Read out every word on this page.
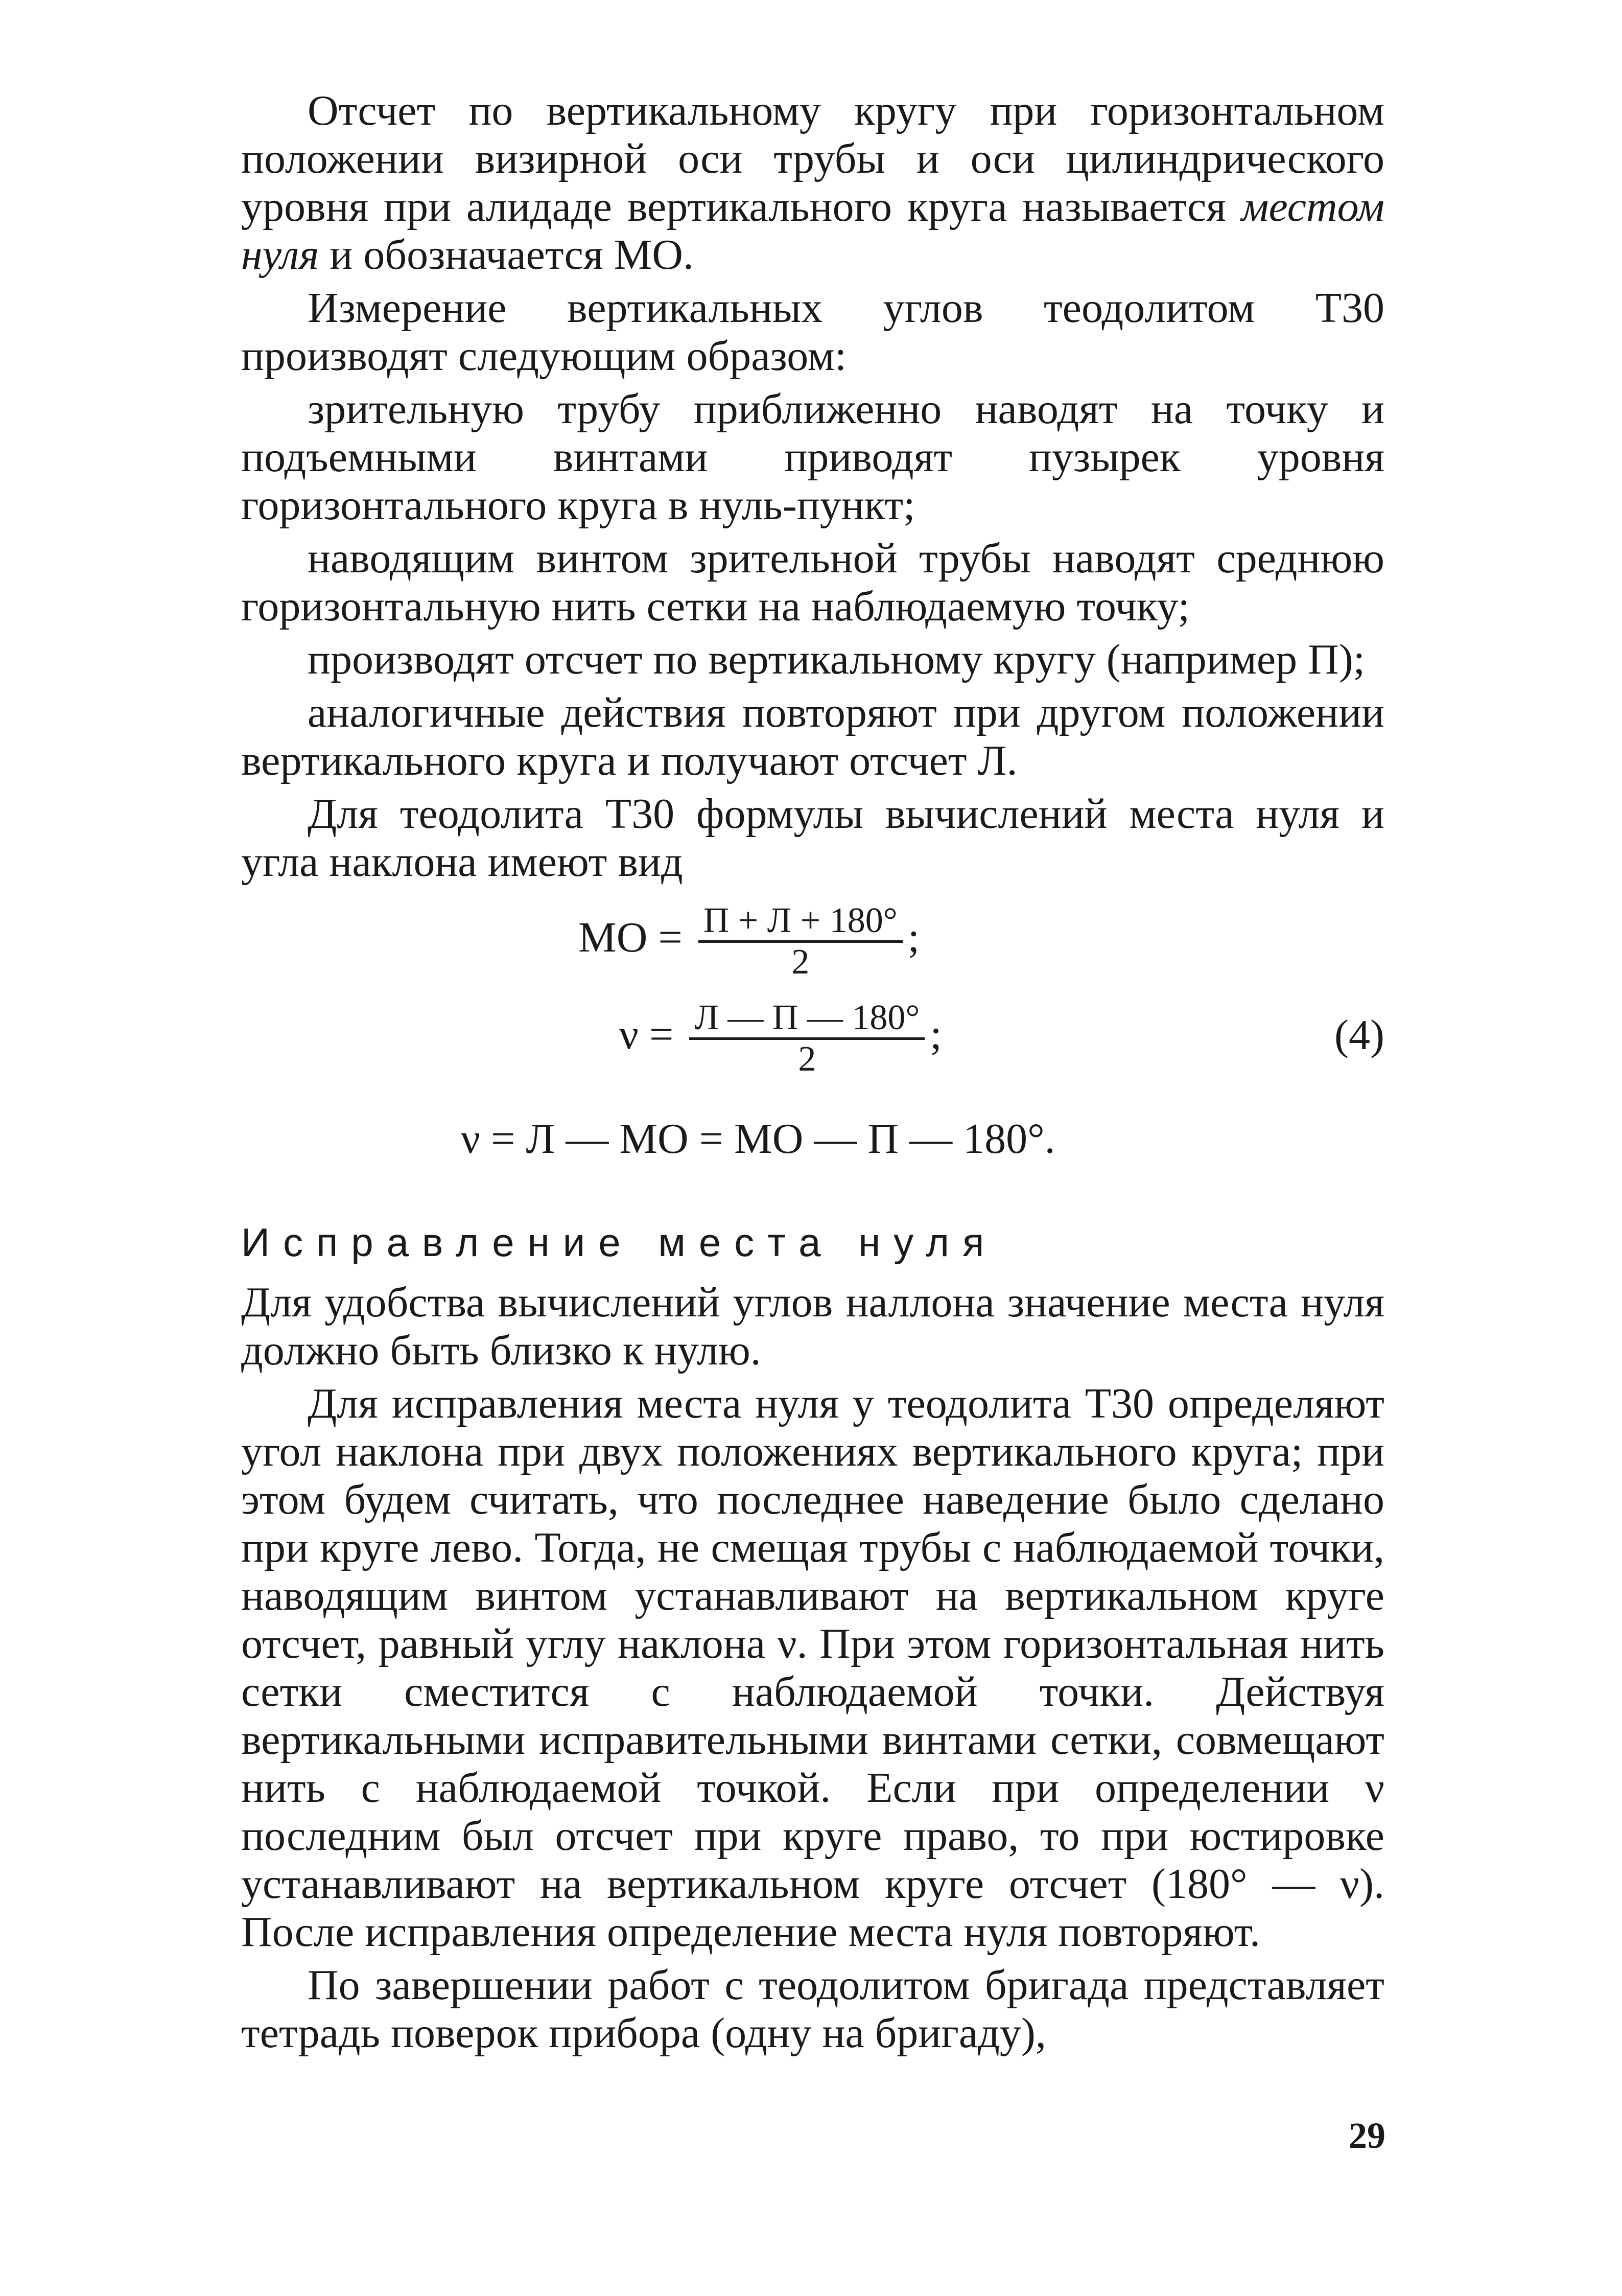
Отсчет по вертикальному кругу при горизонтальном положении визирной оси трубы и оси цилиндрического уровня при алидаде вертикального круга называется местом нуля и обозначается МО.

Измерение вертикальных углов теодолитом Т30 производят следующим образом:

зрительную трубу приближенно наводят на точку и подъемными винтами приводят пузырек уровня горизонтального круга в нуль-пункт;

наводящим винтом зрительной трубы наводят среднюю горизонтальную нить сетки на наблюдаемую точку;

производят отсчет по вертикальному кругу (например П);

аналогичные действия повторяют при другом положении вертикального круга и получают отсчет Л.

Для теодолита Т30 формулы вычислений места нуля и угла наклона имеют вид

МО = $\frac{П + Л + 180^\circ}{2}$ ;
$\nu = \frac{Л — П — 180^\circ}{2}$ ;	(4)
ν = Л — МО = МО — П — 180°.

Исправление места нуля

Для удобства вычислений углов наллона значение места нуля должно быть близко к нулю.

Для исправления места нуля у теодолита Т30 определяют угол наклона при двух положениях вертикального круга; при этом будем считать, что последнее наведение было сделано при круге лево. Тогда, не смещая трубы с наблюдаемой точки, наводящим винтом устанавливают на вертикальном круге отсчет, равный углу наклона ν. При этом горизонтальная нить сетки сместится с наблюдаемой точки. Действуя вертикальными исправительными винтами сетки, совмещают нить с наблюдаемой точкой. Если при определении ν последним был отсчет при круге право, то при юстировке устанавливают на вертикальном круге отсчет (180° — ν). После исправления определение места нуля повторяют.

По завершении работ с теодолитом бригада представляет тетрадь поверок прибора (одну на бригаду),

29
